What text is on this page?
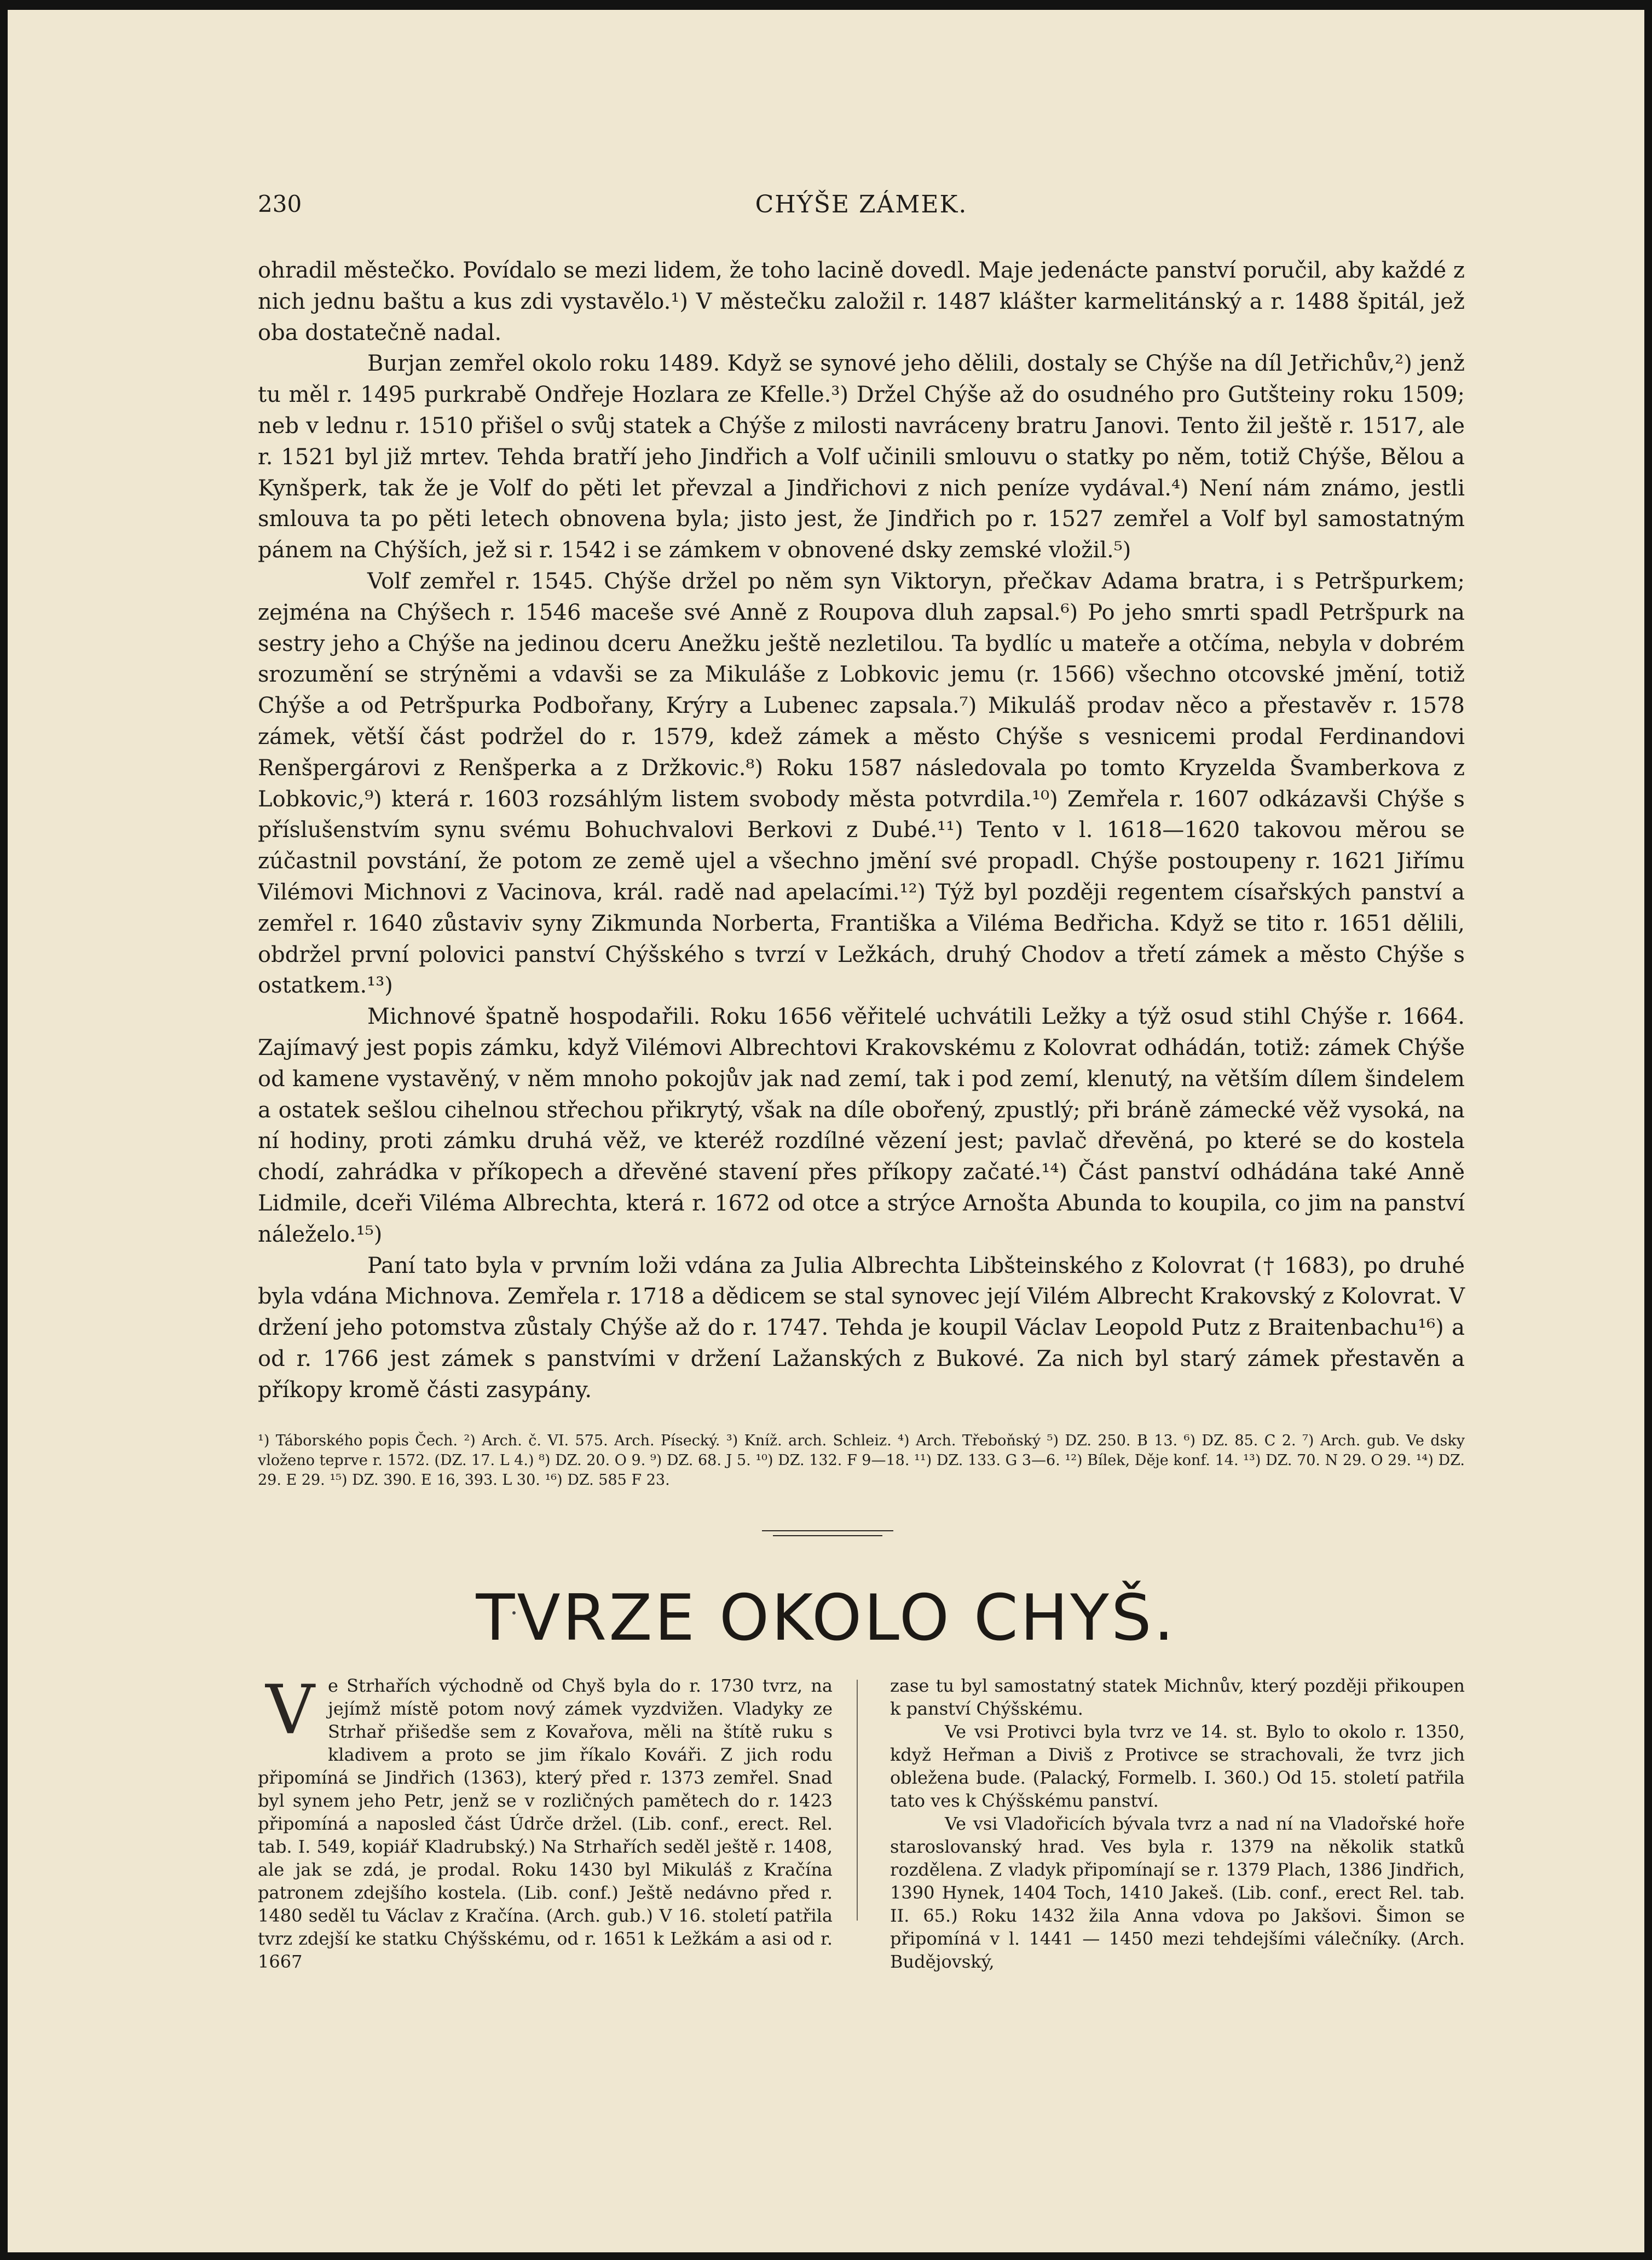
230	CHÝŠE ZÁMEK.

ohradil městečko. Povídalo se mezi lidem, že toho lacině dovedl. Maje jedenácte panství poručil, aby každé z nich jednu baštu a kus zdi vystavělo.¹) V městečku založil r. 1487 klášter karmelitánský a r. 1488 špitál, jež oba dostatečně nadal.

Burjan zemřel okolo roku 1489. Když se synové jeho dělili, dostaly se Chýše na díl Jetřichův,²) jenž tu měl r. 1495 purkrabě Ondřeje Hozlara ze Kfelle.³) Držel Chýše až do osudného pro Gutšteiny roku 1509; neb v lednu r. 1510 přišel o svůj statek a Chýše z milosti navráceny bratru Janovi. Tento žil ještě r. 1517, ale r. 1521 byl již mrtev. Tehda bratří jeho Jindřich a Volf učinili smlouvu o statky po něm, totiž Chýše, Bělou a Kynšperk, tak že je Volf do pěti let převzal a Jindřichovi z nich peníze vydával.⁴) Není nám známo, jestli smlouva ta po pěti letech obnovena byla; jisto jest, že Jindřich po r. 1527 zemřel a Volf byl samostatným pánem na Chýších, jež si r. 1542 i se zámkem v obnovené dsky zemské vložil.⁵)

Volf zemřel r. 1545. Chýše držel po něm syn Viktoryn, přečkav Adama bratra, i s Petršpurkem; zejména na Chýšech r. 1546 maceše své Anně z Roupova dluh zapsal.⁶) Po jeho smrti spadl Petršpurk na sestry jeho a Chýše na jedinou dceru Anežku ještě nezletilou. Ta bydlíc u mateře a otčíma, nebyla v dobrém srozumění se strýněmi a vdavši se za Mikuláše z Lobkovic jemu (r. 1566) všechno otcovské jmění, totiž Chýše a od Petršpurka Podbořany, Krýry a Lubenec zapsala.⁷) Mikuláš prodav něco a přestavěv r. 1578 zámek, větší část podržel do r. 1579, kdež zámek a město Chýše s vesnicemi prodal Ferdinandovi Renšpergárovi z Renšperka a z Držkovic.⁸) Roku 1587 následovala po tomto Kryzelda Švamberkova z Lobkovic,⁹) která r. 1603 rozsáhlým listem svobody města potvrdila.¹⁰) Zemřela r. 1607 odkázavši Chýše s příslušenstvím synu svému Bohuchvalovi Berkovi z Dubé.¹¹) Tento v l. 1618—1620 takovou měrou se zúčastnil povstání, že potom ze země ujel a všechno jmění své propadl. Chýše postoupeny r. 1621 Jiřímu Vilémovi Michnovi z Vacinova, král. radě nad apelacími.¹²) Týž byl později regentem císařských panství a zemřel r. 1640 zůstaviv syny Zikmunda Norberta, Františka a Viléma Bedřicha. Když se tito r. 1651 dělili, obdržel první polovici panství Chýšského s tvrzí v Ležkách, druhý Chodov a třetí zámek a město Chýše s ostatkem.¹³)

Michnové špatně hospodařili. Roku 1656 věřitelé uchvátili Ležky a týž osud stihl Chýše r. 1664. Zajímavý jest popis zámku, když Vilémovi Albrechtovi Krakovskému z Kolovrat odhádán, totiž: zámek Chýše od kamene vystavěný, v něm mnoho pokojův jak nad zemí, tak i pod zemí, klenutý, na větším dílem šindelem a ostatek sešlou cihelnou střechou přikrytý, však na díle obořený, zpustlý; při bráně zámecké věž vysoká, na ní hodiny, proti zámku druhá věž, ve kteréž rozdílné vězení jest; pavlač dřevěná, po které se do kostela chodí, zahrádka v příkopech a dřevěné stavení přes příkopy začaté.¹⁴) Část panství odhádána také Anně Lidmile, dceři Viléma Albrechta, která r. 1672 od otce a strýce Arnošta Abunda to koupila, co jim na panství náleželo.¹⁵)

Paní tato byla v prvním loži vdána za Julia Albrechta Libšteinského z Kolovrat († 1683), po druhé byla vdána Michnova. Zemřela r. 1718 a dědicem se stal synovec její Vilém Albrecht Krakovský z Kolovrat. V držení jeho potomstva zůstaly Chýše až do r. 1747. Tehda je koupil Václav Leopold Putz z Braitenbachu¹⁶) a od r. 1766 jest zámek s panstvími v držení Lažanských z Bukové. Za nich byl starý zámek přestavěn a příkopy kromě části zasypány.

¹) Táborského popis Čech. ²) Arch. č. VI. 575. Arch. Písecký. ³) Kníž. arch. Schleiz. ⁴) Arch. Třeboňský ⁵) DZ. 250. B 13. ⁶) DZ. 85. C 2. ⁷) Arch. gub. Ve dsky vloženo teprve r. 1572. (DZ. 17. L 4.) ⁸) DZ. 20. O 9. ⁹) DZ. 68. J 5. ¹⁰) DZ. 132. F 9—18. ¹¹) DZ. 133. G 3—6. ¹²) Bílek, Děje konf. 14. ¹³) DZ. 70. N 29. O 29. ¹⁴) DZ. 29. E 29. ¹⁵) DZ. 390. E 16, 393. L 30. ¹⁶) DZ. 585 F 23.

TVRZE OKOLO CHYŠ.

V e Strhařích východně od Chyš byla do r. 1730 tvrz, na jejímž místě potom nový zámek vyzdvižen. Vladyky ze Strhař přišedše sem z Kovařova, měli na štítě ruku s kladivem a proto se jim říkalo Kováři. Z jich rodu připomíná se Jindřich (1363), který před r. 1373 zemřel. Snad byl synem jeho Petr, jenž se v rozličných pamětech do r. 1423 připomíná a naposled část Údrče držel. (Lib. conf., erect. Rel. tab. I. 549, kopiář Kladrubský.) Na Strhařích seděl ještě r. 1408, ale jak se zdá, je prodal. Roku 1430 byl Mikuláš z Kračína patronem zdejšího kostela. (Lib. conf.) Ještě nedávno před r. 1480 seděl tu Václav z Kračína. (Arch. gub.) V 16. století patřila tvrz zdejší ke statku Chýšskému, od r. 1651 k Ležkám a asi od r. 1667

zase tu byl samostatný statek Michnův, který později přikoupen k panství Chýšskému.

Ve vsi Protivci byla tvrz ve 14. st. Bylo to okolo r. 1350, když Heřman a Diviš z Protivce se strachovali, že tvrz jich obležena bude. (Palacký, Formelb. I. 360.) Od 15. století patřila tato ves k Chýšskému panství.

Ve vsi Vladořicích bývala tvrz a nad ní na Vladořské hoře staroslovanský hrad. Ves byla r. 1379 na několik statků rozdělena. Z vladyk připomínají se r. 1379 Plach, 1386 Jindřich, 1390 Hynek, 1404 Toch, 1410 Jakeš. (Lib. conf., erect Rel. tab. II. 65.) Roku 1432 žila Anna vdova po Jakšovi. Šimon se připomíná v l. 1441 — 1450 mezi tehdejšími válečníky. (Arch. Budějovský,
